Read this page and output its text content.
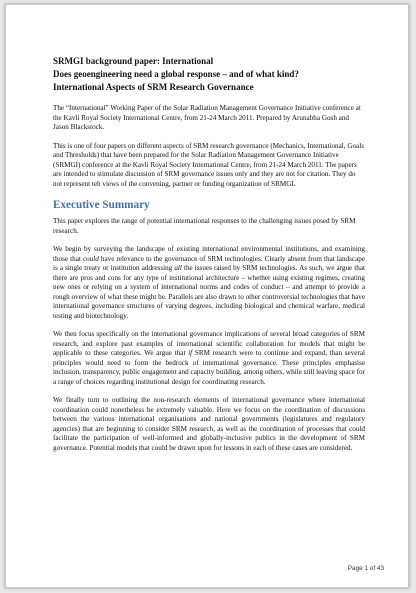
SRMGI background paper: International
Does geoengineering need a global response – and of what kind?
International Aspects of SRM Research Governance

The “International” Working Paper of the Solar Radiation Management Governance Initiative conference at the Kavli Royal Society International Centre, from 21-24 March 2011. Prepared by Arunabha Gosh and Jason Blackstock.

This is one of four papers on different aspects of SRM research governance (Mechanics, International, Goals and Thresholds) that have been prepared for the Solar Radiation Management Governance Initiative (SRMGI) conference at the Kavli Royal Society International Centre, from 21-24 March 2011. The papers are intended to stimulate discussion of SRM governance issues only and they are not for citation. They do not represent teh views of the convening, partner or funding organization of SRMGI.

Executive Summary

This paper explores the range of potential international responses to the challenging issues posed by SRM research.

We begin by surveying the landscape of existing international environmental institutions, and examining those that could have relevance to the governance of SRM technologies. Clearly absent from that landscape is a single treaty or institution addressing all the issues raised by SRM technologies. As such, we argue that there are pros and cons for any type of institutional architecture – whether using existing regimes, creating new ones or relying on a system of international norms and codes of conduct – and attempt to provide a rough overview of what these might be. Parallels are also drawn to other controversial technologies that have international governance structures of varying degrees, including biological and chemical warfare, medical testing and biotechnology.

We then focus specifically on the international governance implications of several broad categories of SRM research, and explore past examples of international scientific collaboration for models that might be applicable to these categories. We argue that if SRM research were to continue and expand, than several principles would need to form the bedrock of international governance. These principles emphasise inclusion, transparency, public engagement and capacity building, among others, while still leaving space for a range of choices regarding institutional design for coordinating research.

We finally turn to outlining the non-research elements of international governance where international coordination could nonetheless be extremely valuable. Here we focus on the coordination of discussions between the various international organisations and national governments (legislatures and regulatory agencies) that are beginning to consider SRM research, as well as the coordination of processes that could facilitate the participation of well-informed and globally-inclusive publics in the development of SRM governance. Potential models that could be drawn upon for lessons in each of these cases are considered.

Page 1 of 43
